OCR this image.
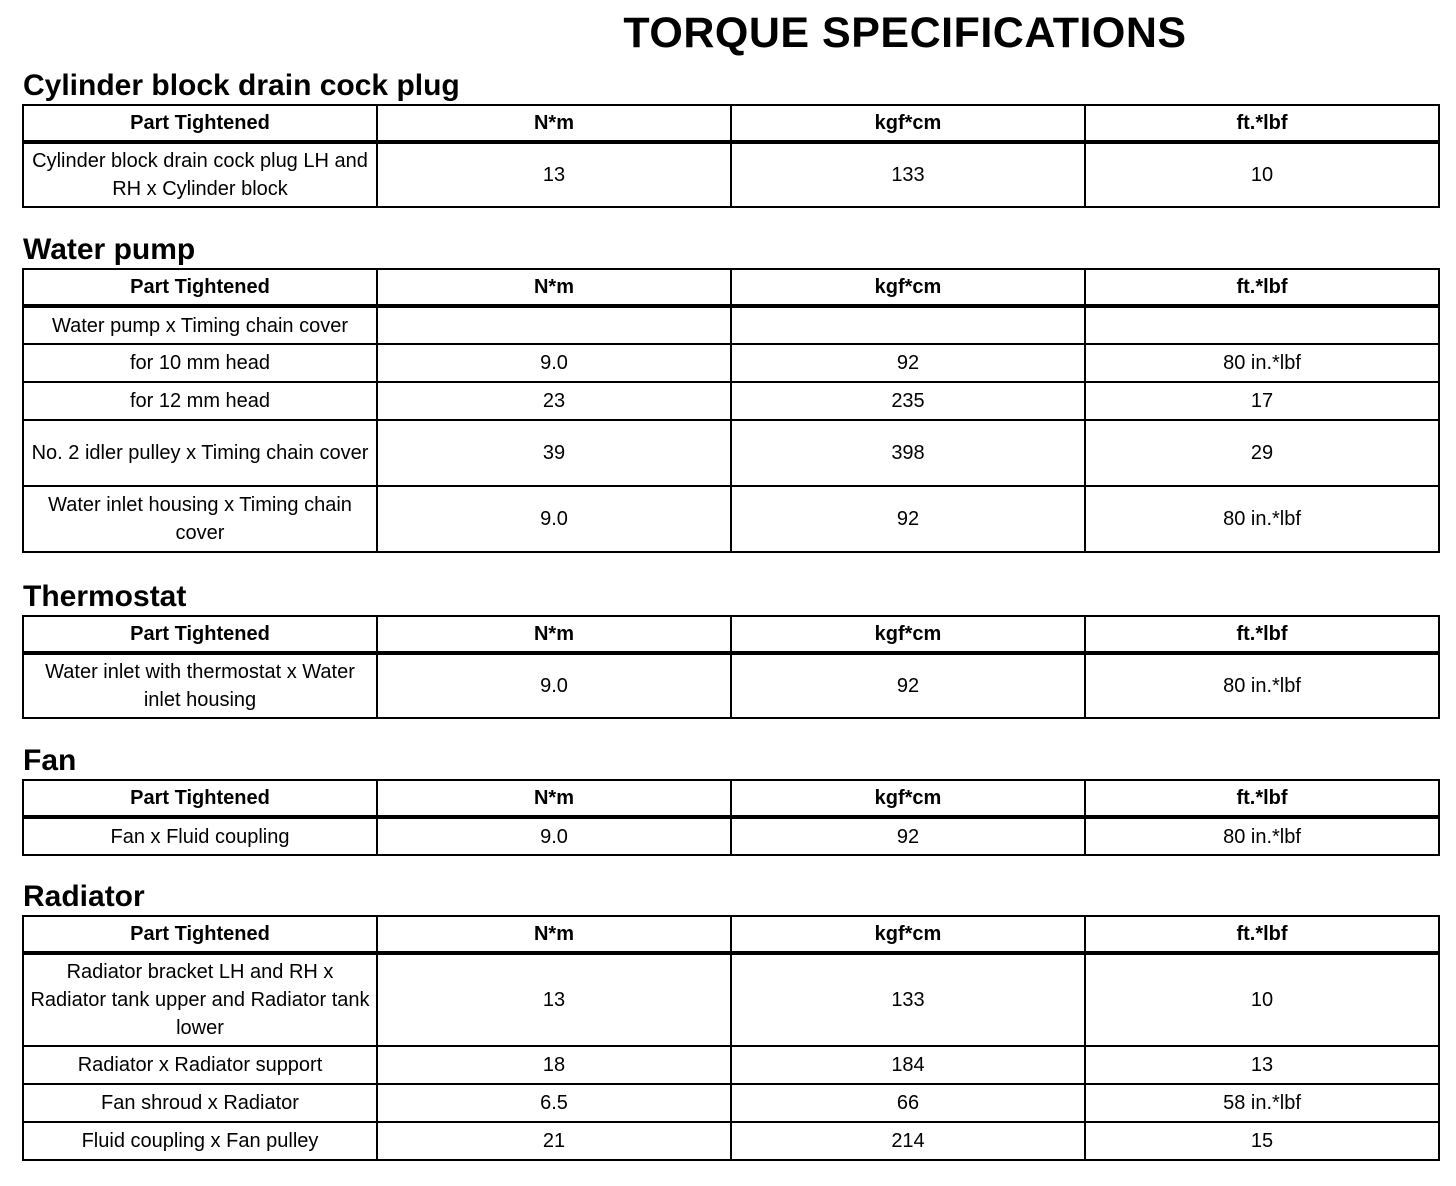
TORQUE SPECIFICATIONS
Cylinder block drain cock plug
Part Tightened	N*m	kgf*cm	ft.*lbf
Cylinder block drain cock plug LH and RH x Cylinder block	13	133	10
Water pump
Part Tightened	N*m	kgf*cm	ft.*lbf
Water pump x Timing chain cover			
for 10 mm head	9.0	92	80 in.*lbf
for 12 mm head	23	235	17
No. 2 idler pulley x Timing chain cover	39	398	29
Water inlet housing x Timing chain cover	9.0	92	80 in.*lbf
Thermostat
Part Tightened	N*m	kgf*cm	ft.*lbf
Water inlet with thermostat x Water inlet housing	9.0	92	80 in.*lbf
Fan
Part Tightened	N*m	kgf*cm	ft.*lbf
Fan x Fluid coupling	9.0	92	80 in.*lbf
Radiator
Part Tightened	N*m	kgf*cm	ft.*lbf
Radiator bracket LH and RH x Radiator tank upper and Radiator tank lower	13	133	10
Radiator x Radiator support	18	184	13
Fan shroud x Radiator	6.5	66	58 in.*lbf
Fluid coupling x Fan pulley	21	214	15
